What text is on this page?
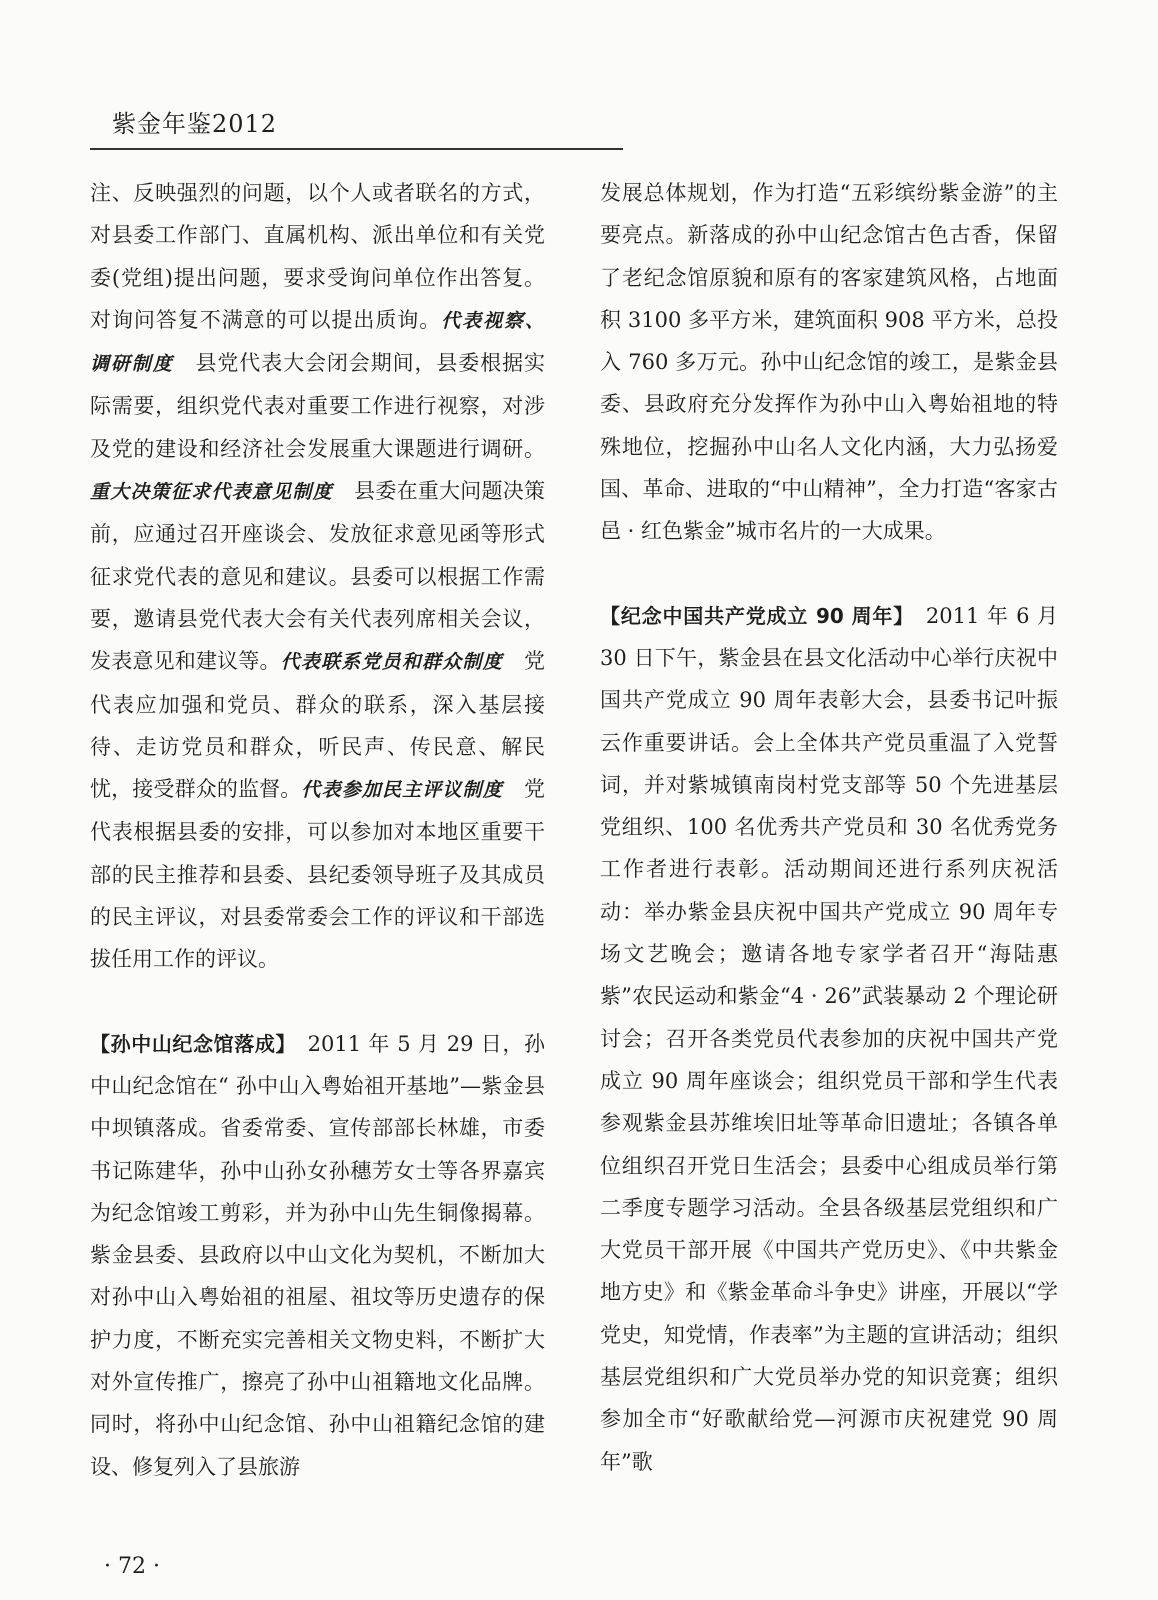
紫金年鉴2012

注、反映强烈的问题，以个人或者联名的方式，对县委工作部门、直属机构、派出单位和有关党委(党组)提出问题，要求受询问单位作出答复。对询问答复不满意的可以提出质询。代表视察、调研制度　县党代表大会闭会期间，县委根据实际需要，组织党代表对重要工作进行视察，对涉及党的建设和经济社会发展重大课题进行调研。重大决策征求代表意见制度　县委在重大问题决策前，应通过召开座谈会、发放征求意见函等形式征求党代表的意见和建议。县委可以根据工作需要，邀请县党代表大会有关代表列席相关会议，发表意见和建议等。代表联系党员和群众制度　党代表应加强和党员、群众的联系，深入基层接待、走访党员和群众，听民声、传民意、解民忧，接受群众的监督。代表参加民主评议制度　党代表根据县委的安排，可以参加对本地区重要干部的民主推荐和县委、县纪委领导班子及其成员的民主评议，对县委常委会工作的评议和干部选拔任用工作的评议。

【孙中山纪念馆落成】　2011 年 5 月 29 日，孙中山纪念馆在“ 孙中山入粤始祖开基地”—紫金县中坝镇落成。省委常委、宣传部部长林雄，市委书记陈建华，孙中山孙女孙穗芳女士等各界嘉宾为纪念馆竣工剪彩，并为孙中山先生铜像揭幕。紫金县委、县政府以中山文化为契机，不断加大对孙中山入粤始祖的祖屋、祖坟等历史遗存的保护力度，不断充实完善相关文物史料，不断扩大对外宣传推广，擦亮了孙中山祖籍地文化品牌。同时，将孙中山纪念馆、孙中山祖籍纪念馆的建设、修复列入了县旅游

发展总体规划，作为打造“五彩缤纷紫金游”的主要亮点。新落成的孙中山纪念馆古色古香，保留了老纪念馆原貌和原有的客家建筑风格，占地面积 3100 多平方米，建筑面积 908 平方米，总投入 760 多万元。孙中山纪念馆的竣工，是紫金县委、县政府充分发挥作为孙中山入粤始祖地的特殊地位，挖掘孙中山名人文化内涵，大力弘扬爱国、革命、进取的“中山精神”，全力打造“客家古邑 · 红色紫金”城市名片的一大成果。

【纪念中国共产党成立 90 周年】　2011 年 6 月 30 日下午，紫金县在县文化活动中心举行庆祝中国共产党成立 90 周年表彰大会，县委书记叶振云作重要讲话。会上全体共产党员重温了入党誓词，并对紫城镇南岗村党支部等 50 个先进基层党组织、100 名优秀共产党员和 30 名优秀党务工作者进行表彰。活动期间还进行系列庆祝活动：举办紫金县庆祝中国共产党成立 90 周年专场文艺晚会；邀请各地专家学者召开“海陆惠紫”农民运动和紫金“4 · 26”武装暴动 2 个理论研讨会；召开各类党员代表参加的庆祝中国共产党成立 90 周年座谈会；组织党员干部和学生代表参观紫金县苏维埃旧址等革命旧遗址；各镇各单位组织召开党日生活会；县委中心组成员举行第二季度专题学习活动。全县各级基层党组织和广大党员干部开展《中国共产党历史》、《中共紫金地方史》和《紫金革命斗争史》讲座，开展以“学党史，知党情，作表率”为主题的宣讲活动；组织基层党组织和广大党员举办党的知识竞赛；组织参加全市“好歌献给党—河源市庆祝建党 90 周年”歌

· 72 ·
